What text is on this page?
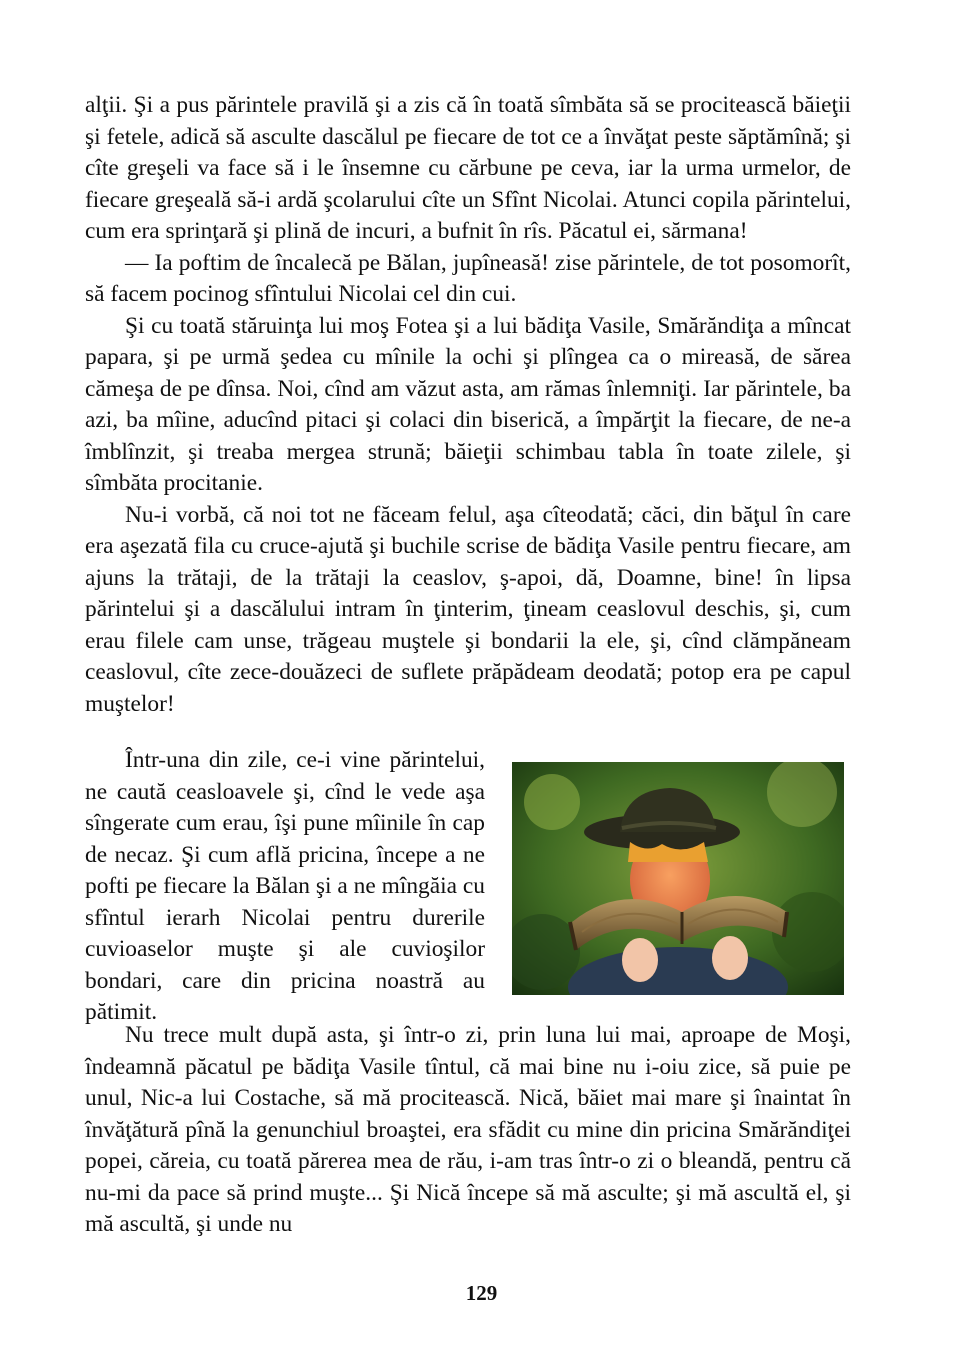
alţii. Şi a pus părintele pravilă şi a zis că în toată sîmbăta să se procitească băieţii şi fetele, adică să asculte dascălul pe fiecare de tot ce a învăţat peste săptămînă; şi cîte greşeli va face să i le însemne cu cărbune pe ceva, iar la urma urmelor, de fiecare greşeală să-i ardă şcolarului cîte un Sfînt Nicolai. Atunci copila părintelui, cum era sprinţară şi plină de incuri, a bufnit în rîs. Păcatul ei, sărmana!

— Ia poftim de încalecă pe Bălan, jupîneasă! zise părintele, de tot posomorît, să facem pocinog sfîntului Nicolai cel din cui.

Şi cu toată stăruinţa lui moş Fotea şi a lui bădiţa Vasile, Smărăndiţa a mîncat papara, şi pe urmă şedea cu mînile la ochi şi plîngea ca o mireasă, de sărea cămeşa de pe dînsa. Noi, cînd am văzut asta, am rămas înlemniţi. Iar părintele, ba azi, ba mîine, aducînd pitaci şi colaci din biserică, a împărţit la fiecare, de ne-a îmblînzit, şi treaba mergea strună; băieţii schimbau tabla în toate zilele, şi sîmbăta procitanie.

Nu-i vorbă, că noi tot ne făceam felul, aşa cîteodată; căci, din băţul în care era aşezată fila cu cruce-ajută şi buchile scrise de bădiţa Vasile pentru fiecare, am ajuns la trătaji, de la trătaji la ceaslov, ş-apoi, dă, Doamne, bine! în lipsa părintelui şi a dascălului intram în ţinterim, ţineam ceaslovul deschis, şi, cum erau filele cam unse, trăgeau muştele şi bondarii la ele, şi, cînd clămpăneam ceaslovul, cîte zece-douăzeci de suflete prăpădeam deodată; potop era pe capul muştelor!

Într-una din zile, ce-i vine părintelui, ne caută ceasloavele şi, cînd le vede aşa sîngerate cum erau, îşi pune mîinile în cap de necaz. Şi cum află pricina, începe a ne pofti pe fiecare la Bălan şi a ne mîngăia cu sfîntul ierarh Nicolai pentru durerile cuvioaselor muşte şi ale cuvioşilor bondari, care din pricina noastră au pătimit.

Nu trece mult după asta, şi într-o zi, prin luna lui mai, aproape de Moşi, îndeamnă păcatul pe bădiţa Vasile tîntul, că mai bine nu i-oiu zice, să puie pe unul, Nic-a lui Costache, să mă procitească. Nică, băiet mai mare şi înaintat în învăţătură pînă la genunchiul broaştei, era sfădit cu mine din pricina Smărăndiţei popei, căreia, cu toată părerea mea de rău, i-am tras într-o zi o bleandă, pentru că nu-mi da pace să prind muşte... Şi Nică începe să mă asculte; şi mă ascultă el, şi mă ascultă, şi unde nu

129
